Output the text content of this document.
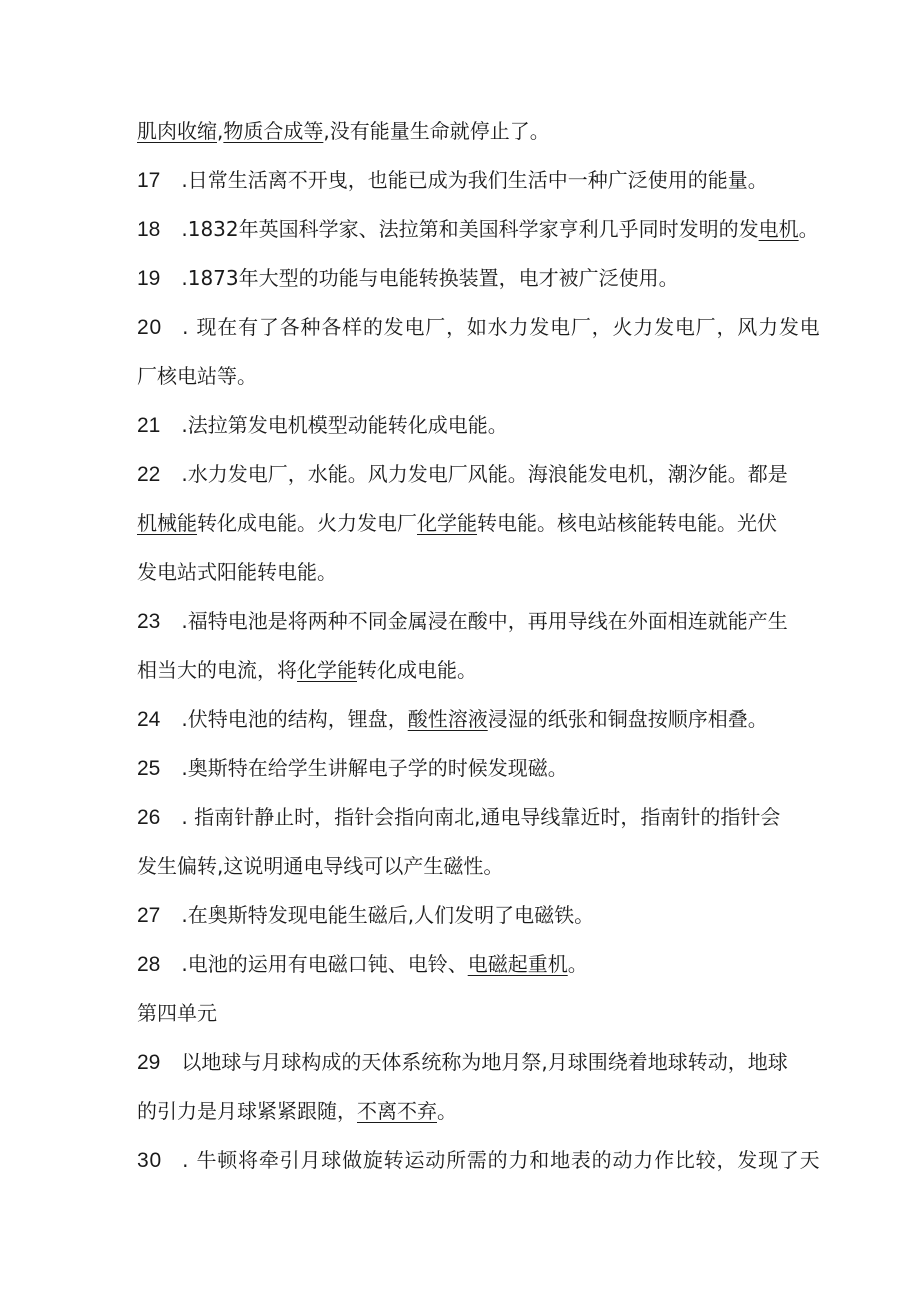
肌肉收缩,物质合成等,没有能量生命就停止了。
17 .日常生活离不开曳，也能已成为我们生活中一种广泛使用的能量。
18 .1832年英国科学家、法拉第和美国科学家亨利几乎同时发明的发电机。
19 .1873年大型的功能与电能转换装置，电才被广泛使用。
20 . 现在有了各种各样的发电厂，如水力发电厂，火力发电厂，风力发电
厂核电站等。
21 .法拉第发电机模型动能转化成电能。
22 .水力发电厂，水能。风力发电厂风能。海浪能发电机，潮汐能。都是
机械能转化成电能。火力发电厂化学能转电能。核电站核能转电能。光伏
发电站式阳能转电能。
23 .福特电池是将两种不同金属浸在酸中，再用导线在外面相连就能产生
相当大的电流，将化学能转化成电能。
24 .伏特电池的结构，锂盘，酸性溶液浸湿的纸张和铜盘按顺序相叠。
25 .奥斯特在给学生讲解电子学的时候发现磁。
26 . 指南针静止时，指针会指向南北,通电导线靠近时，指南针的指针会
发生偏转,这说明通电导线可以产生磁性。
27 .在奥斯特发现电能生磁后,人们发明了电磁铁。
28 .电池的运用有电磁口钝、电铃、电磁起重机。
第四单元
29 以地球与月球构成的天体系统称为地月祭,月球围绕着地球转动，地球
的引力是月球紧紧跟随，不离不弃。
30 . 牛顿将牵引月球做旋转运动所需的力和地表的动力作比较，发现了天
